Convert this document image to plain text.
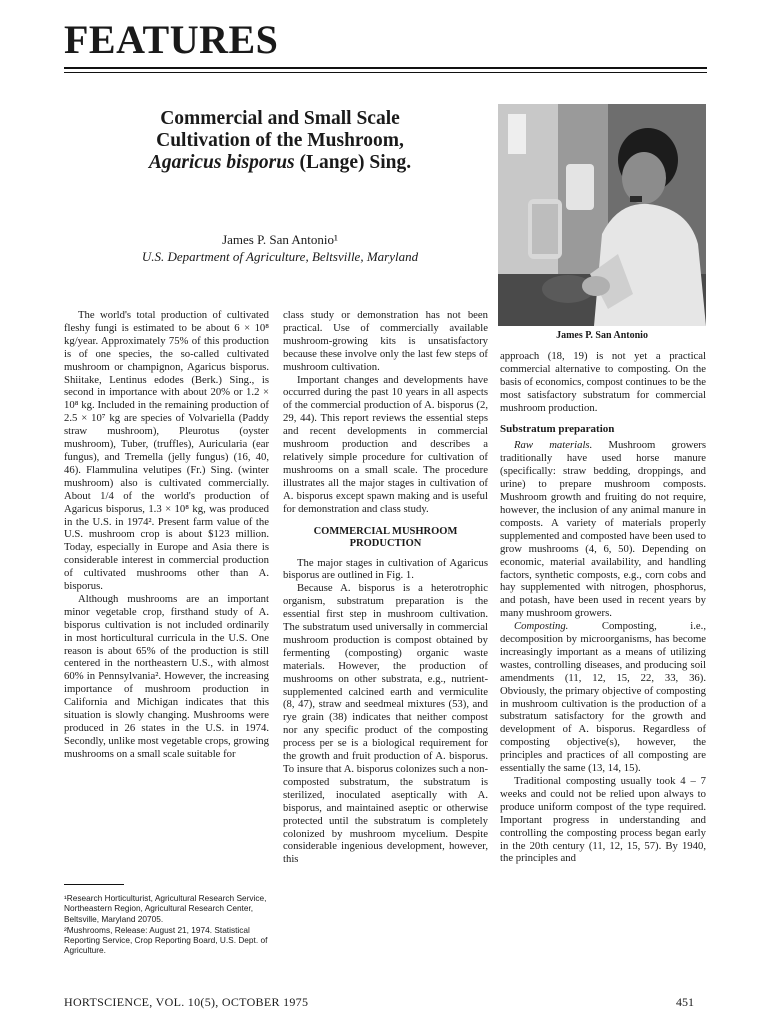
FEATURES
Commercial and Small Scale
Cultivation of the Mushroom,
Agaricus bisporus (Lange) Sing.
James P. San Antonio¹
U.S. Department of Agriculture, Beltsville, Maryland
James P. San Antonio

The world's total production of cultivated fleshy fungi is estimated to be about 6 × 10⁸ kg/year. Approximately 75% of this production is of one species, the so-called cultivated mushroom or champignon, Agaricus bisporus. Shiitake, Lentinus edodes (Berk.) Sing., is second in importance with about 20% or 1.2 × 10⁸ kg. Included in the remaining production of 2.5 × 10⁷ kg are species of Volvariella (Paddy straw mushroom), Pleurotus (oyster mushroom), Tuber, (truffles), Auricularia (ear fungus), and Tremella (jelly fungus) (16, 40, 46). Flammulina velutipes (Fr.) Sing. (winter mushroom) also is cultivated commercially. About 1/4 of the world's production of Agaricus bisporus, 1.3 × 10⁸ kg, was produced in the U.S. in 1974². Present farm value of the U.S. mushroom crop is about $123 million. Today, especially in Europe and Asia there is considerable interest in commercial production of cultivated mushrooms other than A. bisporus.

Although mushrooms are an important minor vegetable crop, firsthand study of A. bisporus cultivation is not included ordinarily in most horticultural curricula in the U.S. One reason is about 65% of the production is still centered in the northeastern U.S., with almost 60% in Pennsylvania². However, the increasing importance of mushroom production in California and Michigan indicates that this situation is slowly changing. Mushrooms were produced in 26 states in the U.S. in 1974. Secondly, unlike most vegetable crops, growing mushrooms on a small scale suitable for

class study or demonstration has not been practical. Use of commercially available mushroom-growing kits is unsatisfactory because these involve only the last few steps of mushroom cultivation.

Important changes and developments have occurred during the past 10 years in all aspects of the commercial production of A. bisporus (2, 29, 44). This report reviews the essential steps and recent developments in commercial mushroom production and describes a relatively simple procedure for cultivation of mushrooms on a small scale. The procedure illustrates all the major stages in cultivation of A. bisporus except spawn making and is useful for demonstration and class study.

COMMERCIAL MUSHROOM PRODUCTION

The major stages in cultivation of Agaricus bisporus are outlined in Fig. 1.

Because A. bisporus is a heterotrophic organism, substratum preparation is the essential first step in mushroom cultivation. The substratum used universally in commercial mushroom production is compost obtained by fermenting (composting) organic waste materials. However, the production of mushrooms on other substrata, e.g., nutrient-supplemented calcined earth and vermiculite (8, 47), straw and seedmeal mixtures (53), and rye grain (38) indicates that neither compost nor any specific product of the composting process per se is a biological requirement for the growth and fruit production of A. bisporus. To insure that A. bisporus colonizes such a non-composted substratum, the substratum is sterilized, inoculated aseptically with A. bisporus, and maintained aseptic or otherwise protected until the substratum is completely colonized by mushroom mycelium. Despite considerable ingenious development, however, this

approach (18, 19) is not yet a practical commercial alternative to composting. On the basis of economics, compost continues to be the most satisfactory substratum for commercial mushroom production.

Substratum preparation

Raw materials. Mushroom growers traditionally have used horse manure (specifically: straw bedding, droppings, and urine) to prepare mushroom composts. Mushroom growth and fruiting do not require, however, the inclusion of any animal manure in composts. A variety of materials properly supplemented and composted have been used to grow mushrooms (4, 6, 50). Depending on economic, material availability, and handling factors, synthetic composts, e.g., corn cobs and hay supplemented with nitrogen, phosphorus, and potash, have been used in recent years by many mushroom growers.

Composting. Composting, i.e., decomposition by microorganisms, has become increasingly important as a means of utilizing wastes, controlling diseases, and producing soil amendments (11, 12, 15, 22, 33, 36). Obviously, the primary objective of composting in mushroom cultivation is the production of a substratum satisfactory for the growth and development of A. bisporus. Regardless of composting objective(s), however, the principles and practices of all composting are essentially the same (13, 14, 15).

Traditional composting usually took 4 – 7 weeks and could not be relied upon always to produce uniform compost of the type required. Important progress in understanding and controlling the composting process began early in the 20th century (11, 12, 15, 57). By 1940, the principles and

¹Research Horticulturist, Agricultural Research Service, Northeastern Region, Agricultural Research Center, Beltsville, Maryland 20705.

²Mushrooms, Release: August 21, 1974. Statistical Reporting Service, Crop Reporting Board, U.S. Dept. of Agriculture.

HORTSCIENCE, VOL. 10(5), OCTOBER 1975	451
